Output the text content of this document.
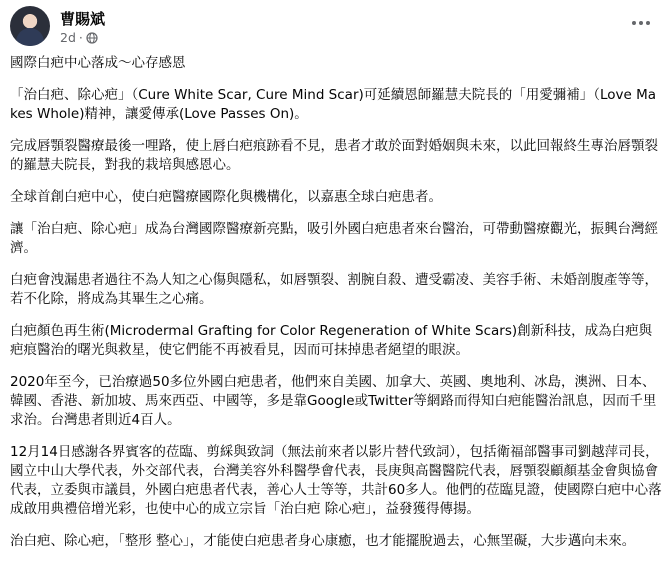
曹賜斌
2d ·

國際白疤中心落成～心存感恩

「治白疤、除心疤」（Cure White Scar, Cure Mind Scar)可延續恩師羅慧夫院長的「用愛彌補」（Love Makes Whole)精神，讓愛傳承(Love Passes On)。

完成唇顎裂醫療最後一哩路，使上唇白疤痕跡看不見，患者才敢於面對婚姻與未來，以此回報終生專治唇顎裂的羅慧夫院長，對我的栽培與感恩心。

全球首創白疤中心，使白疤醫療國際化與機構化，以嘉惠全球白疤患者。

讓「治白疤、除心疤」成為台灣國際醫療新亮點，吸引外國白疤患者來台醫治，可帶動醫療觀光，振興台灣經濟。

白疤會洩漏患者過往不為人知之心傷與隱私，如唇顎裂、割腕自殺、遭受霸凌、美容手術、未婚剖腹產等等，若不化除，將成為其畢生之心痛。

白疤顏色再生術(Microdermal Grafting for Color Regeneration of White Scars)創新科技，成為白疤與疤痕醫治的曙光與救星，使它們能不再被看見，因而可抹掉患者絕望的眼淚。

2020年至今，已治療過50多位外國白疤患者，他們來自美國、加拿大、英國、奧地利、冰島，澳洲、日本、韓國、香港、新加坡、馬來西亞、中國等，多是靠Google或Twitter等網路而得知白疤能醫治訊息，因而千里求治。台灣患者則近4百人。

12月14日感謝各界賓客的莅臨、剪綵與致詞（無法前來者以影片替代致詞），包括衛福部醫事司劉越萍司長，國立中山大學代表，外交部代表，台灣美容外科醫學會代表，長庚與高醫醫院代表，唇顎裂顧顏基金會與協會代表，立委與市議員，外國白疤患者代表，善心人士等等，共計60多人。他們的莅臨見證，使國際白疤中心落成啟用典禮倍增光彩，也使中心的成立宗旨「治白疤 除心疤」，益發獲得傳揚。

治白疤、除心疤，「整形 整心」，才能使白疤患者身心康癒，也才能擺脫過去，心無罣礙，大步邁向未來。
